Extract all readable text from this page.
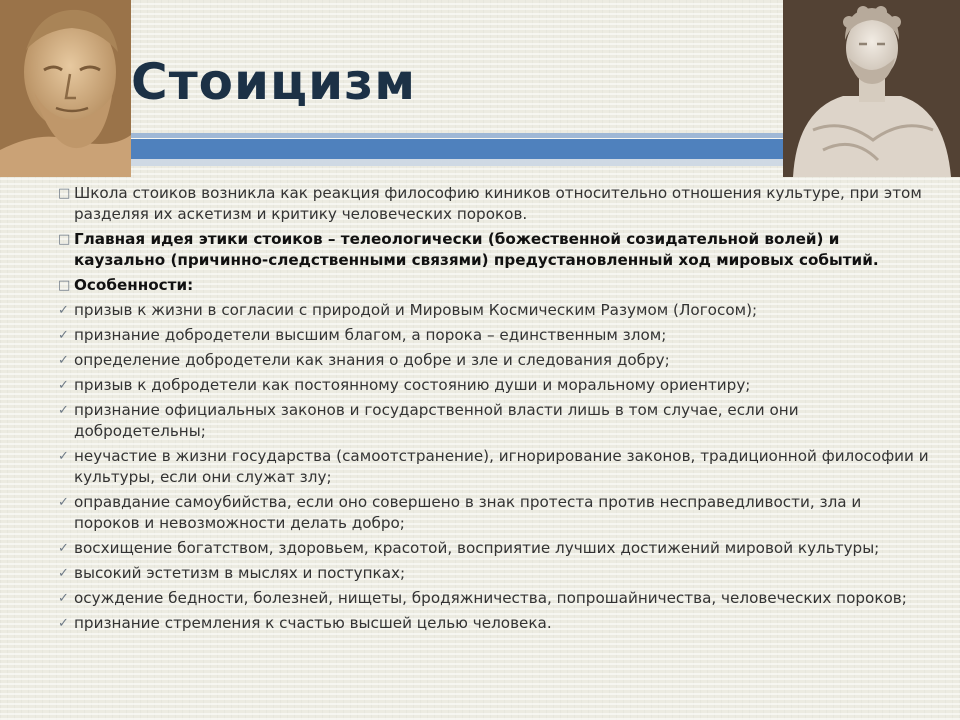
Стоицизм
□ Школа стоиков возникла как реакция философию киников относительно отношения культуре, при этом разделяя их аскетизм и критику человеческих пороков.
□ Главная идея этики стоиков – телеологически (божественной созидательной волей) и каузально (причинно-следственными связями) предустановленный ход мировых событий.
□ Особенности:
✓ призыв к жизни в согласии с природой и Мировым Космическим Разумом (Логосом);
✓ признание добродетели высшим благом, а порока – единственным злом;
✓ определение добродетели как знания о добре и зле и следования добру;
✓ призыв к добродетели как постоянному состоянию души и моральному ориентиру;
✓ признание официальных законов и государственной власти лишь в том случае, если они добродетельны;
✓ неучастие в жизни государства (самоотстранение), игнорирование законов, традиционной философии и культуры, если они служат злу;
✓ оправдание самоубийства, если оно совершено в знак протеста против несправедливости, зла и пороков и невозможности делать добро;
✓ восхищение богатством, здоровьем, красотой, восприятие лучших достижений мировой культуры;
✓ высокий эстетизм в мыслях и поступках;
✓ осуждение бедности, болезней, нищеты, бродяжничества, попрошайничества, человеческих пороков;
✓ признание стремления к счастью высшей целью человека.
